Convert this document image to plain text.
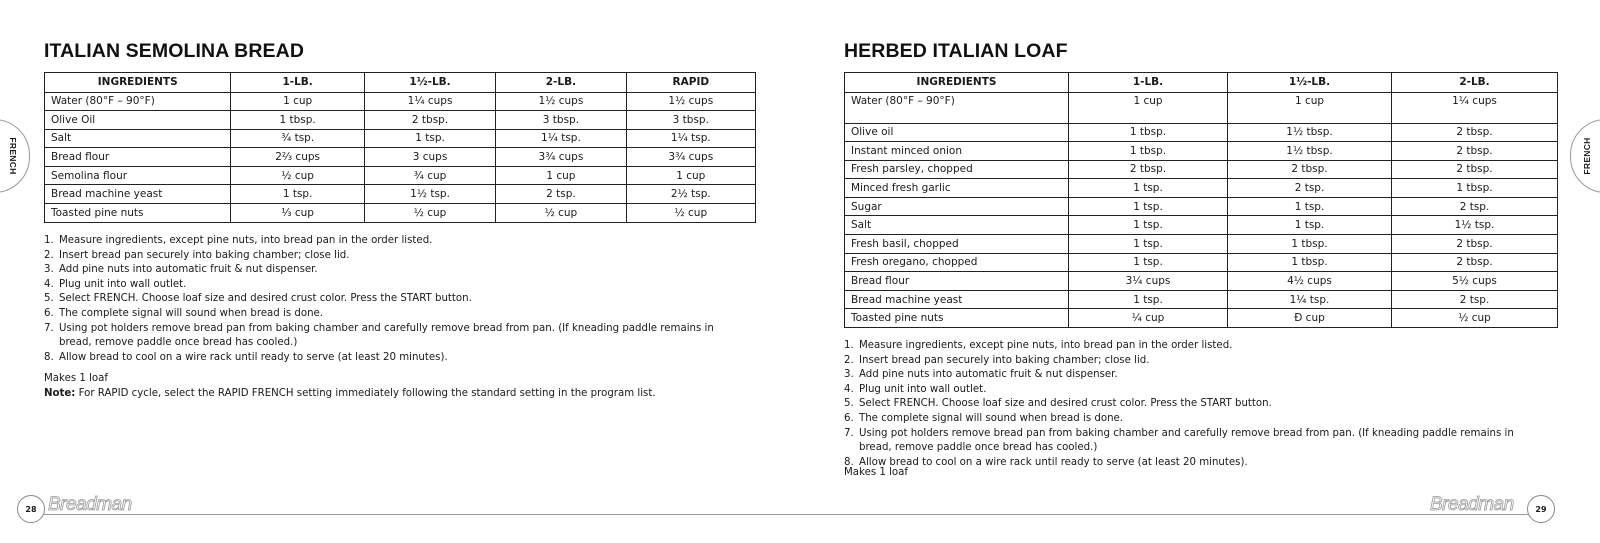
FRENCH
ITALIAN SEMOLINA BREAD
INGREDIENTS	1-LB.	1½-LB.	2-LB.	RAPID
Water (80°F – 90°F)	1 cup	1¼ cups	1½ cups	1½ cups
Olive Oil	1 tbsp.	2 tbsp.	3 tbsp.	3 tbsp.
Salt	¾ tsp.	1 tsp.	1¼ tsp.	1¼ tsp.
Bread flour	2⅔ cups	3 cups	3¾ cups	3¾ cups
Semolina flour	½ cup	¾ cup	1 cup	1 cup
Bread machine yeast	1 tsp.	1½ tsp.	2 tsp.	2½ tsp.
Toasted pine nuts	⅓ cup	½ cup	½ cup	½ cup
1. Measure ingredients, except pine nuts, into bread pan in the order listed.
2. Insert bread pan securely into baking chamber; close lid.
3. Add pine nuts into automatic fruit & nut dispenser.
4. Plug unit into wall outlet.
5. Select FRENCH. Choose loaf size and desired crust color. Press the START button.
6. The complete signal will sound when bread is done.
7. Using pot holders remove bread pan from baking chamber and carefully remove bread from pan. (If kneading paddle remains in bread, remove paddle once bread has cooled.)
8. Allow bread to cool on a wire rack until ready to serve (at least 20 minutes).

Makes 1 loaf

Note: For RAPID cycle, select the RAPID FRENCH setting immediately following the standard setting in the program list.

Breadman
28
FRENCH
HERBED ITALIAN LOAF
INGREDIENTS	1-LB.	1½-LB.	2-LB.
Water (80°F – 90°F)	1 cup	1 cup	1¼ cups
Olive oil	1 tbsp.	1½ tbsp.	2 tbsp.
Instant minced onion	1 tbsp.	1½ tbsp.	2 tbsp.
Fresh parsley, chopped	2 tbsp.	2 tbsp.	2 tbsp.
Minced fresh garlic	1 tsp.	2 tsp.	1 tbsp.
Sugar	1 tsp.	1 tsp.	2 tsp.
Salt	1 tsp.	1 tsp.	1½ tsp.
Fresh basil, chopped	1 tsp.	1 tbsp.	2 tbsp.
Fresh oregano, chopped	1 tsp.	1 tbsp.	2 tbsp.
Bread flour	3¼ cups	4½ cups	5½ cups
Bread machine yeast	1 tsp.	1¼ tsp.	2 tsp.
Toasted pine nuts	¼ cup	Ð cup	½ cup
1. Measure ingredients, except pine nuts, into bread pan in the order listed.
2. Insert bread pan securely into baking chamber; close lid.
3. Add pine nuts into automatic fruit & nut dispenser.
4. Plug unit into wall outlet.
5. Select FRENCH. Choose loaf size and desired crust color. Press the START button.
6. The complete signal will sound when bread is done.
7. Using pot holders remove bread pan from baking chamber and carefully remove bread from pan. (If kneading paddle remains in bread, remove paddle once bread has cooled.)
8. Allow bread to cool on a wire rack until ready to serve (at least 20 minutes).

Makes 1 loaf

Breadman	29
